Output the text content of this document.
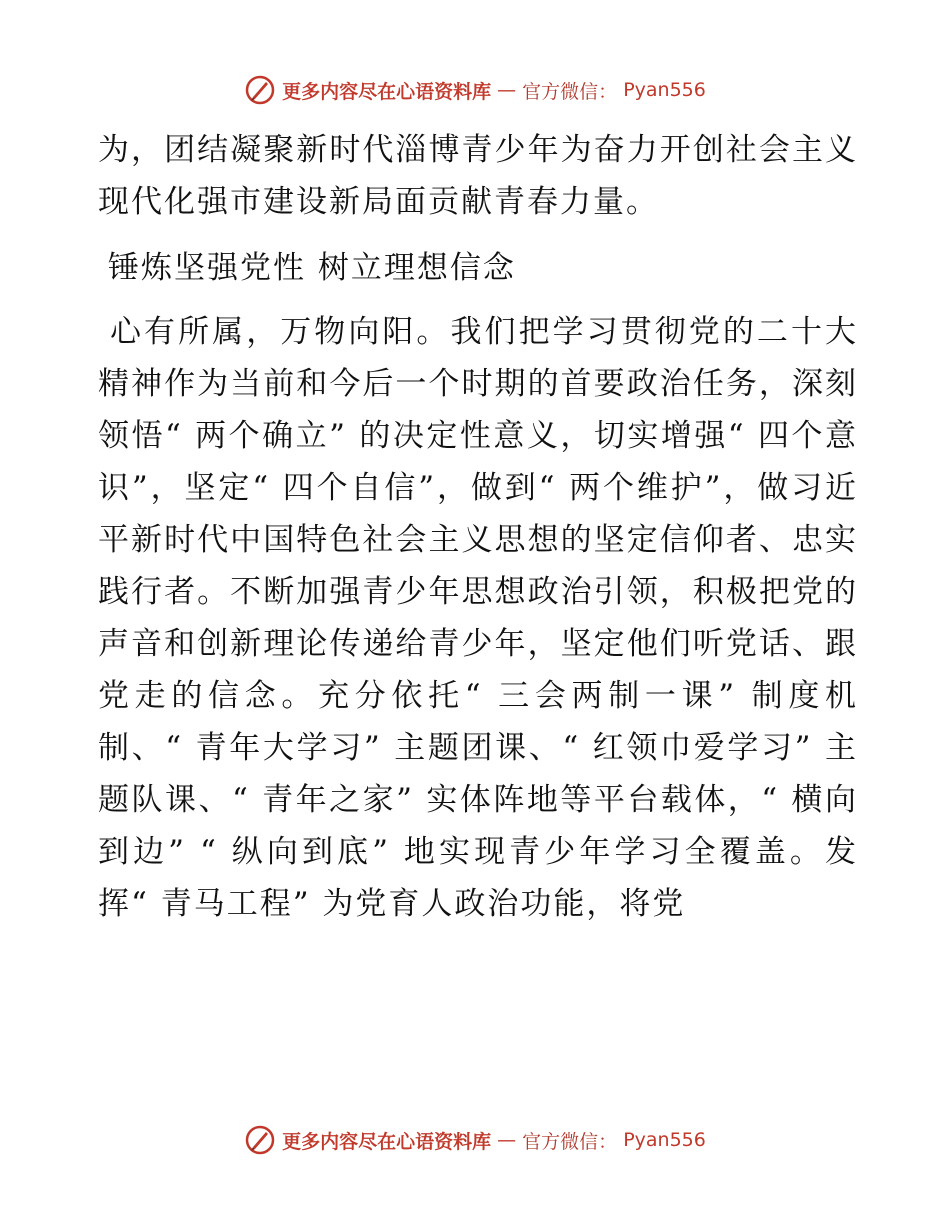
更多内容尽在心语资料库 — 官方微信： Pyan556

为，团结凝聚新时代淄博青少年为奋力开创社会主义现代化强市建设新局面贡献青春力量。

锤炼坚强党性 树立理想信念

心有所属，万物向阳。我们把学习贯彻党的二十大精神作为当前和今后一个时期的首要政治任务，深刻领悟“ 两个确立” 的决定性意义，切实增强“ 四个意识”，坚定“ 四个自信”，做到“ 两个维护”，做习近平新时代中国特色社会主义思想的坚定信仰者、忠实践行者。不断加强青少年思想政治引领，积极把党的声音和创新理论传递给青少年，坚定他们听党话、跟党走的信念。充分依托“ 三会两制一课” 制度机制、“ 青年大学习” 主题团课、“ 红领巾爱学习” 主题队课、“ 青年之家” 实体阵地等平台载体，“ 横向到边” “ 纵向到底” 地实现青少年学习全覆盖。发挥“ 青马工程” 为党育人政治功能，将党

更多内容尽在心语资料库 — 官方微信： Pyan556
